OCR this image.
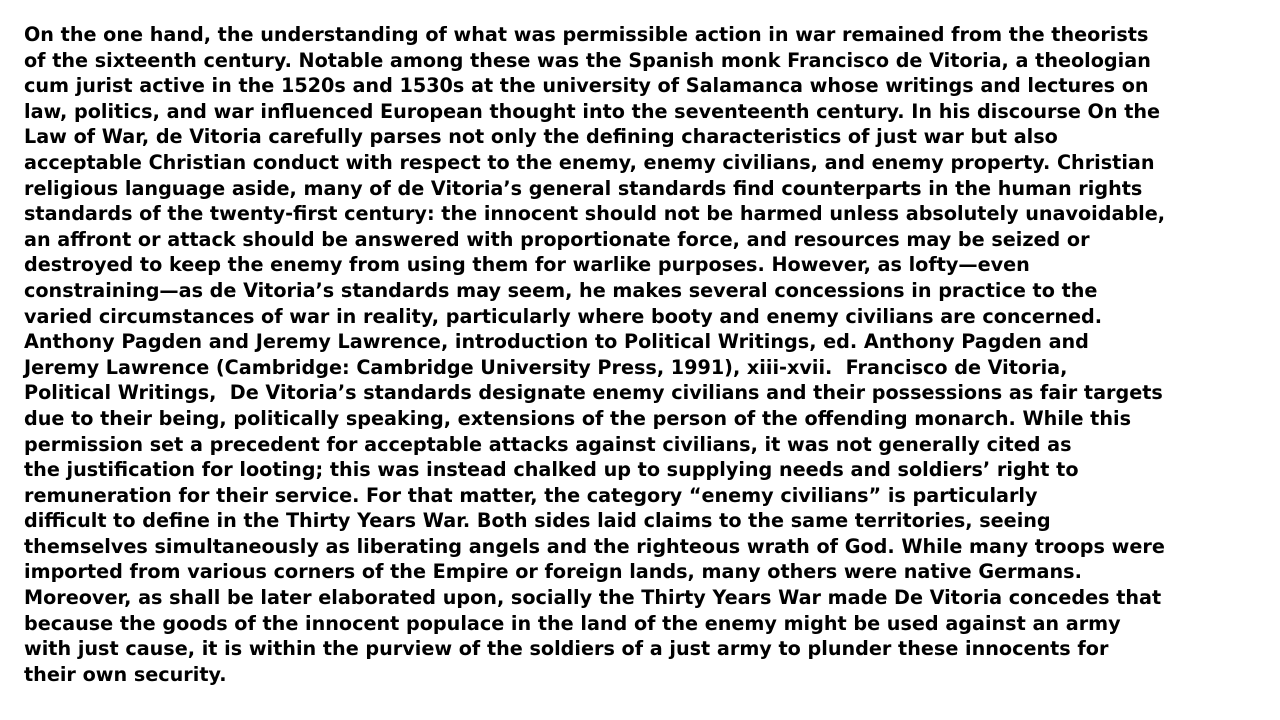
On the one hand, the understanding of what was permissible action in war remained from the theorists
of the sixteenth century. Notable among these was the Spanish monk Francisco de Vitoria, a theologian
cum jurist active in the 1520s and 1530s at the university of Salamanca whose writings and lectures on
law, politics, and war influenced European thought into the seventeenth century. In his discourse On the
Law of War, de Vitoria carefully parses not only the defining characteristics of just war but also
acceptable Christian conduct with respect to the enemy, enemy civilians, and enemy property. Christian
religious language aside, many of de Vitoria’s general standards find counterparts in the human rights
standards of the twenty-first century: the innocent should not be harmed unless absolutely unavoidable,
an affront or attack should be answered with proportionate force, and resources may be seized or
destroyed to keep the enemy from using them for warlike purposes. However, as lofty—even
constraining—as de Vitoria’s standards may seem, he makes several concessions in practice to the
varied circumstances of war in reality, particularly where booty and enemy civilians are concerned.
Anthony Pagden and Jeremy Lawrence, introduction to Political Writings, ed. Anthony Pagden and
Jeremy Lawrence (Cambridge: Cambridge University Press, 1991), xiii-xvii.  Francisco de Vitoria,
Political Writings,  De Vitoria’s standards designate enemy civilians and their possessions as fair targets
due to their being, politically speaking, extensions of the person of the offending monarch. While this
permission set a precedent for acceptable attacks against civilians, it was not generally cited as
the justification for looting; this was instead chalked up to supplying needs and soldiers’ right to
remuneration for their service. For that matter, the category “enemy civilians” is particularly
difficult to define in the Thirty Years War. Both sides laid claims to the same territories, seeing
themselves simultaneously as liberating angels and the righteous wrath of God. While many troops were
imported from various corners of the Empire or foreign lands, many others were native Germans.
Moreover, as shall be later elaborated upon, socially the Thirty Years War made De Vitoria concedes that
because the goods of the innocent populace in the land of the enemy might be used against an army
with just cause, it is within the purview of the soldiers of a just army to plunder these innocents for
their own security.
